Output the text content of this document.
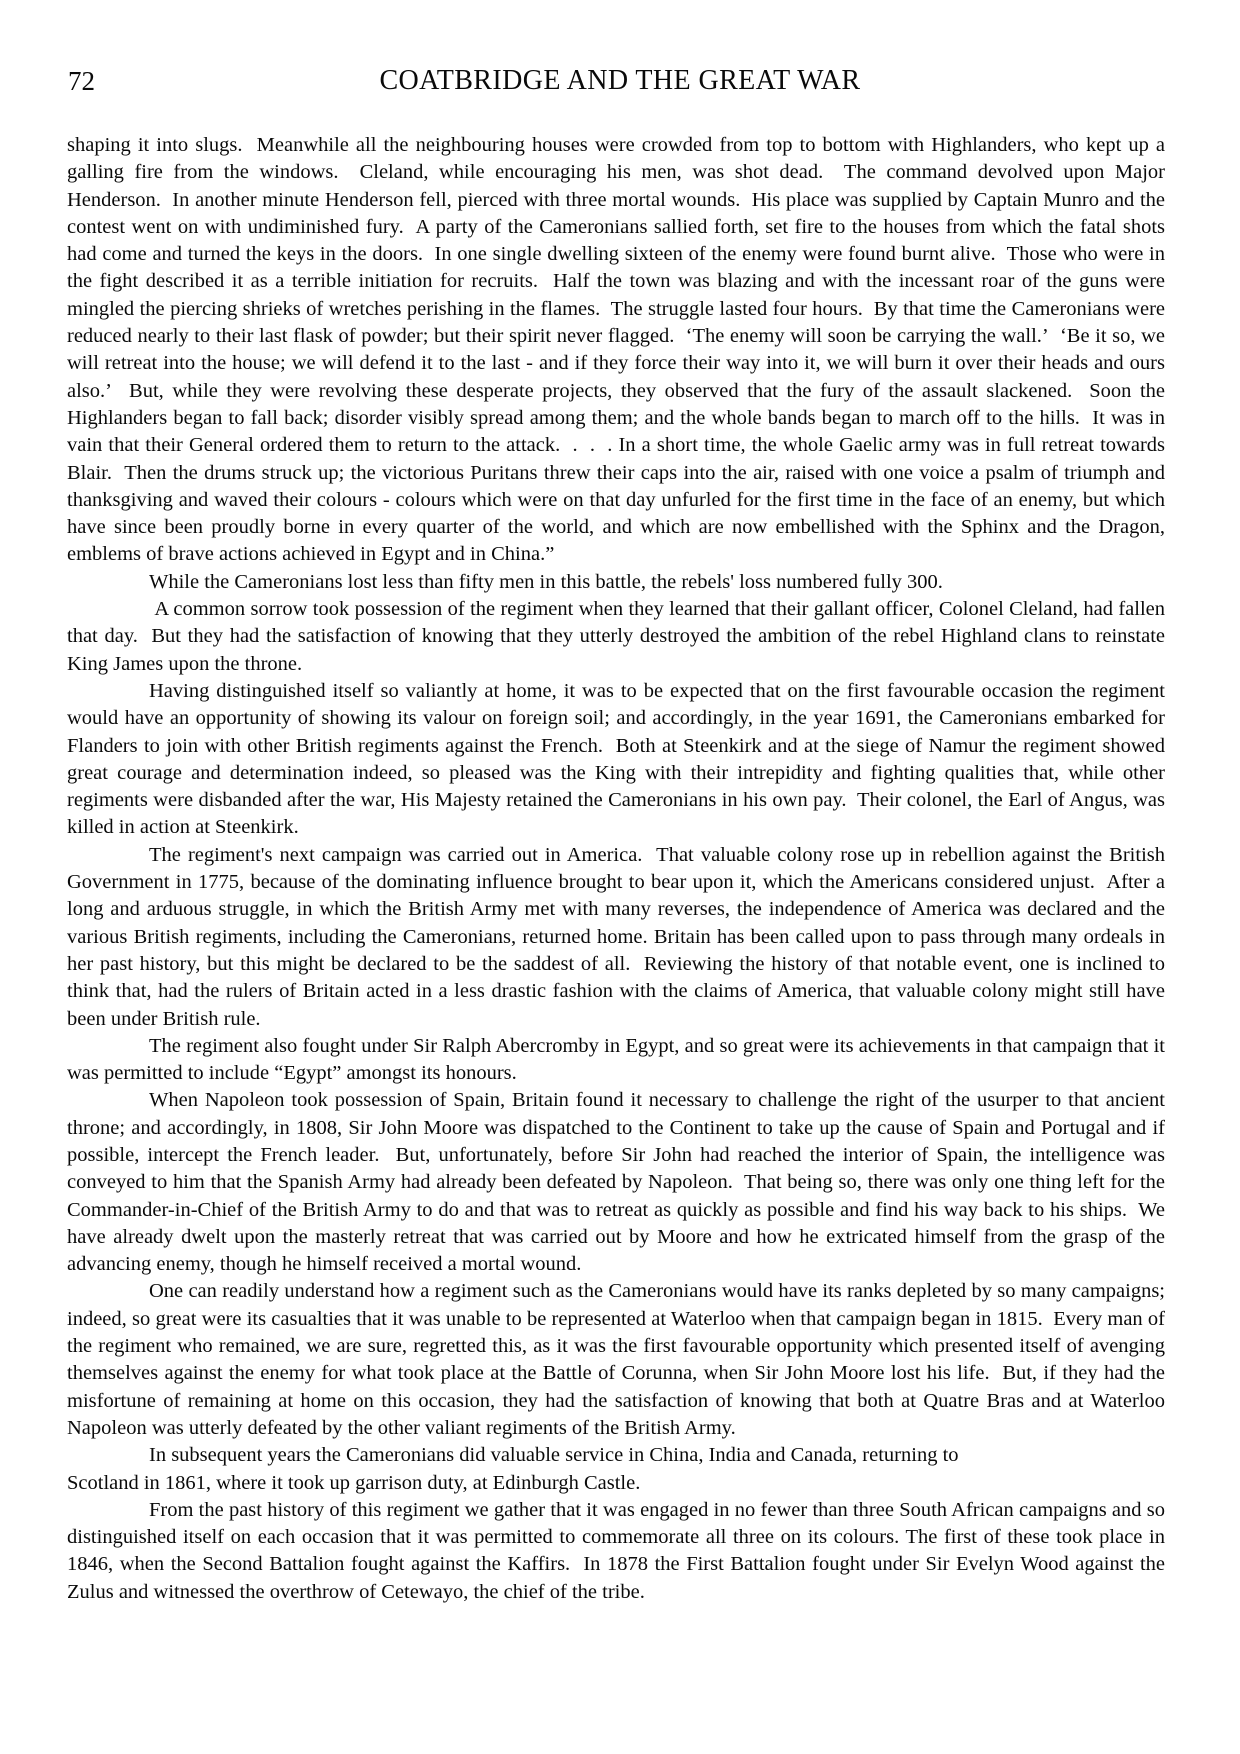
72	COATBRIDGE AND THE GREAT WAR

shaping it into slugs.  Meanwhile all the neighbouring houses were crowded from top to bottom with Highlanders, who kept up a galling fire from the windows.  Cleland, while encouraging his men, was shot dead.  The command devolved upon Major Henderson.  In another minute Henderson fell, pierced with three mortal wounds.  His place was supplied by Captain Munro and the contest went on with undiminished fury.  A party of the Cameronians sallied forth, set fire to the houses from which the fatal shots had come and turned the keys in the doors.  In one single dwelling sixteen of the enemy were found burnt alive.  Those who were in the fight described it as a terrible initiation for recruits.  Half the town was blazing and with the incessant roar of the guns were mingled the piercing shrieks of wretches perishing in the flames.  The struggle lasted four hours.  By that time the Cameronians were reduced nearly to their last flask of powder; but their spirit never flagged.  ‘The enemy will soon be carrying the wall.’  ‘Be it so, we will retreat into the house; we will defend it to the last - and if they force their way into it, we will burn it over their heads and ours also.’  But, while they were revolving these desperate projects, they observed that the fury of the assault slackened.  Soon the Highlanders began to fall back; disorder visibly spread among them; and the whole bands began to march off to the hills.  It was in vain that their General ordered them to return to the attack.  .  .  . In a short time, the whole Gaelic army was in full retreat towards Blair.  Then the drums struck up; the victorious Puritans threw their caps into the air, raised with one voice a psalm of triumph and thanksgiving and waved their colours - colours which were on that day unfurled for the first time in the face of an enemy, but which have since been proudly borne in every quarter of the world, and which are now embellished with the Sphinx and the Dragon, emblems of brave actions achieved in Egypt and in China.”

While the Cameronians lost less than fifty men in this battle, the rebels' loss numbered fully 300.

A common sorrow took possession of the regiment when they learned that their gallant officer, Colonel Cleland, had fallen that day.  But they had the satisfaction of knowing that they utterly destroyed the ambition of the rebel Highland clans to reinstate King James upon the throne.

Having distinguished itself so valiantly at home, it was to be expected that on the first favourable occasion the regiment would have an opportunity of showing its valour on foreign soil; and accordingly, in the year 1691, the Cameronians embarked for Flanders to join with other British regiments against the French.  Both at Steenkirk and at the siege of Namur the regiment showed great courage and determination indeed, so pleased was the King with their intrepidity and fighting qualities that, while other regiments were disbanded after the war, His Majesty retained the Cameronians in his own pay.  Their colonel, the Earl of Angus, was killed in action at Steenkirk.

The regiment's next campaign was carried out in America.  That valuable colony rose up in rebellion against the British Government in 1775, because of the dominating influence brought to bear upon it, which the Americans considered unjust.  After a long and arduous struggle, in which the British Army met with many reverses, the independence of America was declared and the various British regiments, including the Cameronians, returned home. Britain has been called upon to pass through many ordeals in her past history, but this might be declared to be the saddest of all.  Reviewing the history of that notable event, one is inclined to think that, had the rulers of Britain acted in a less drastic fashion with the claims of America, that valuable colony might still have been under British rule.

The regiment also fought under Sir Ralph Abercromby in Egypt, and so great were its achievements in that campaign that it was permitted to include “Egypt” amongst its honours.

When Napoleon took possession of Spain, Britain found it necessary to challenge the right of the usurper to that ancient throne; and accordingly, in 1808, Sir John Moore was dispatched to the Continent to take up the cause of Spain and Portugal and if possible, intercept the French leader.  But, unfortunately, before Sir John had reached the interior of Spain, the intelligence was conveyed to him that the Spanish Army had already been defeated by Napoleon.  That being so, there was only one thing left for the Commander-in-Chief of the British Army to do and that was to retreat as quickly as possible and find his way back to his ships.  We have already dwelt upon the masterly retreat that was carried out by Moore and how he extricated himself from the grasp of the advancing enemy, though he himself received a mortal wound.

One can readily understand how a regiment such as the Cameronians would have its ranks depleted by so many campaigns; indeed, so great were its casualties that it was unable to be represented at Waterloo when that campaign began in 1815.  Every man of the regiment who remained, we are sure, regretted this, as it was the first favourable opportunity which presented itself of avenging themselves against the enemy for what took place at the Battle of Corunna, when Sir John Moore lost his life.  But, if they had the misfortune of remaining at home on this occasion, they had the satisfaction of knowing that both at Quatre Bras and at Waterloo Napoleon was utterly defeated by the other valiant regiments of the British Army.

In subsequent years the Cameronians did valuable service in China, India and Canada, returning to

Scotland in 1861, where it took up garrison duty, at Edinburgh Castle.

From the past history of this regiment we gather that it was engaged in no fewer than three South African campaigns and so distinguished itself on each occasion that it was permitted to commemorate all three on its colours. The first of these took place in 1846, when the Second Battalion fought against the Kaffirs.  In 1878 the First Battalion fought under Sir Evelyn Wood against the Zulus and witnessed the overthrow of Cetewayo, the chief of the tribe.
